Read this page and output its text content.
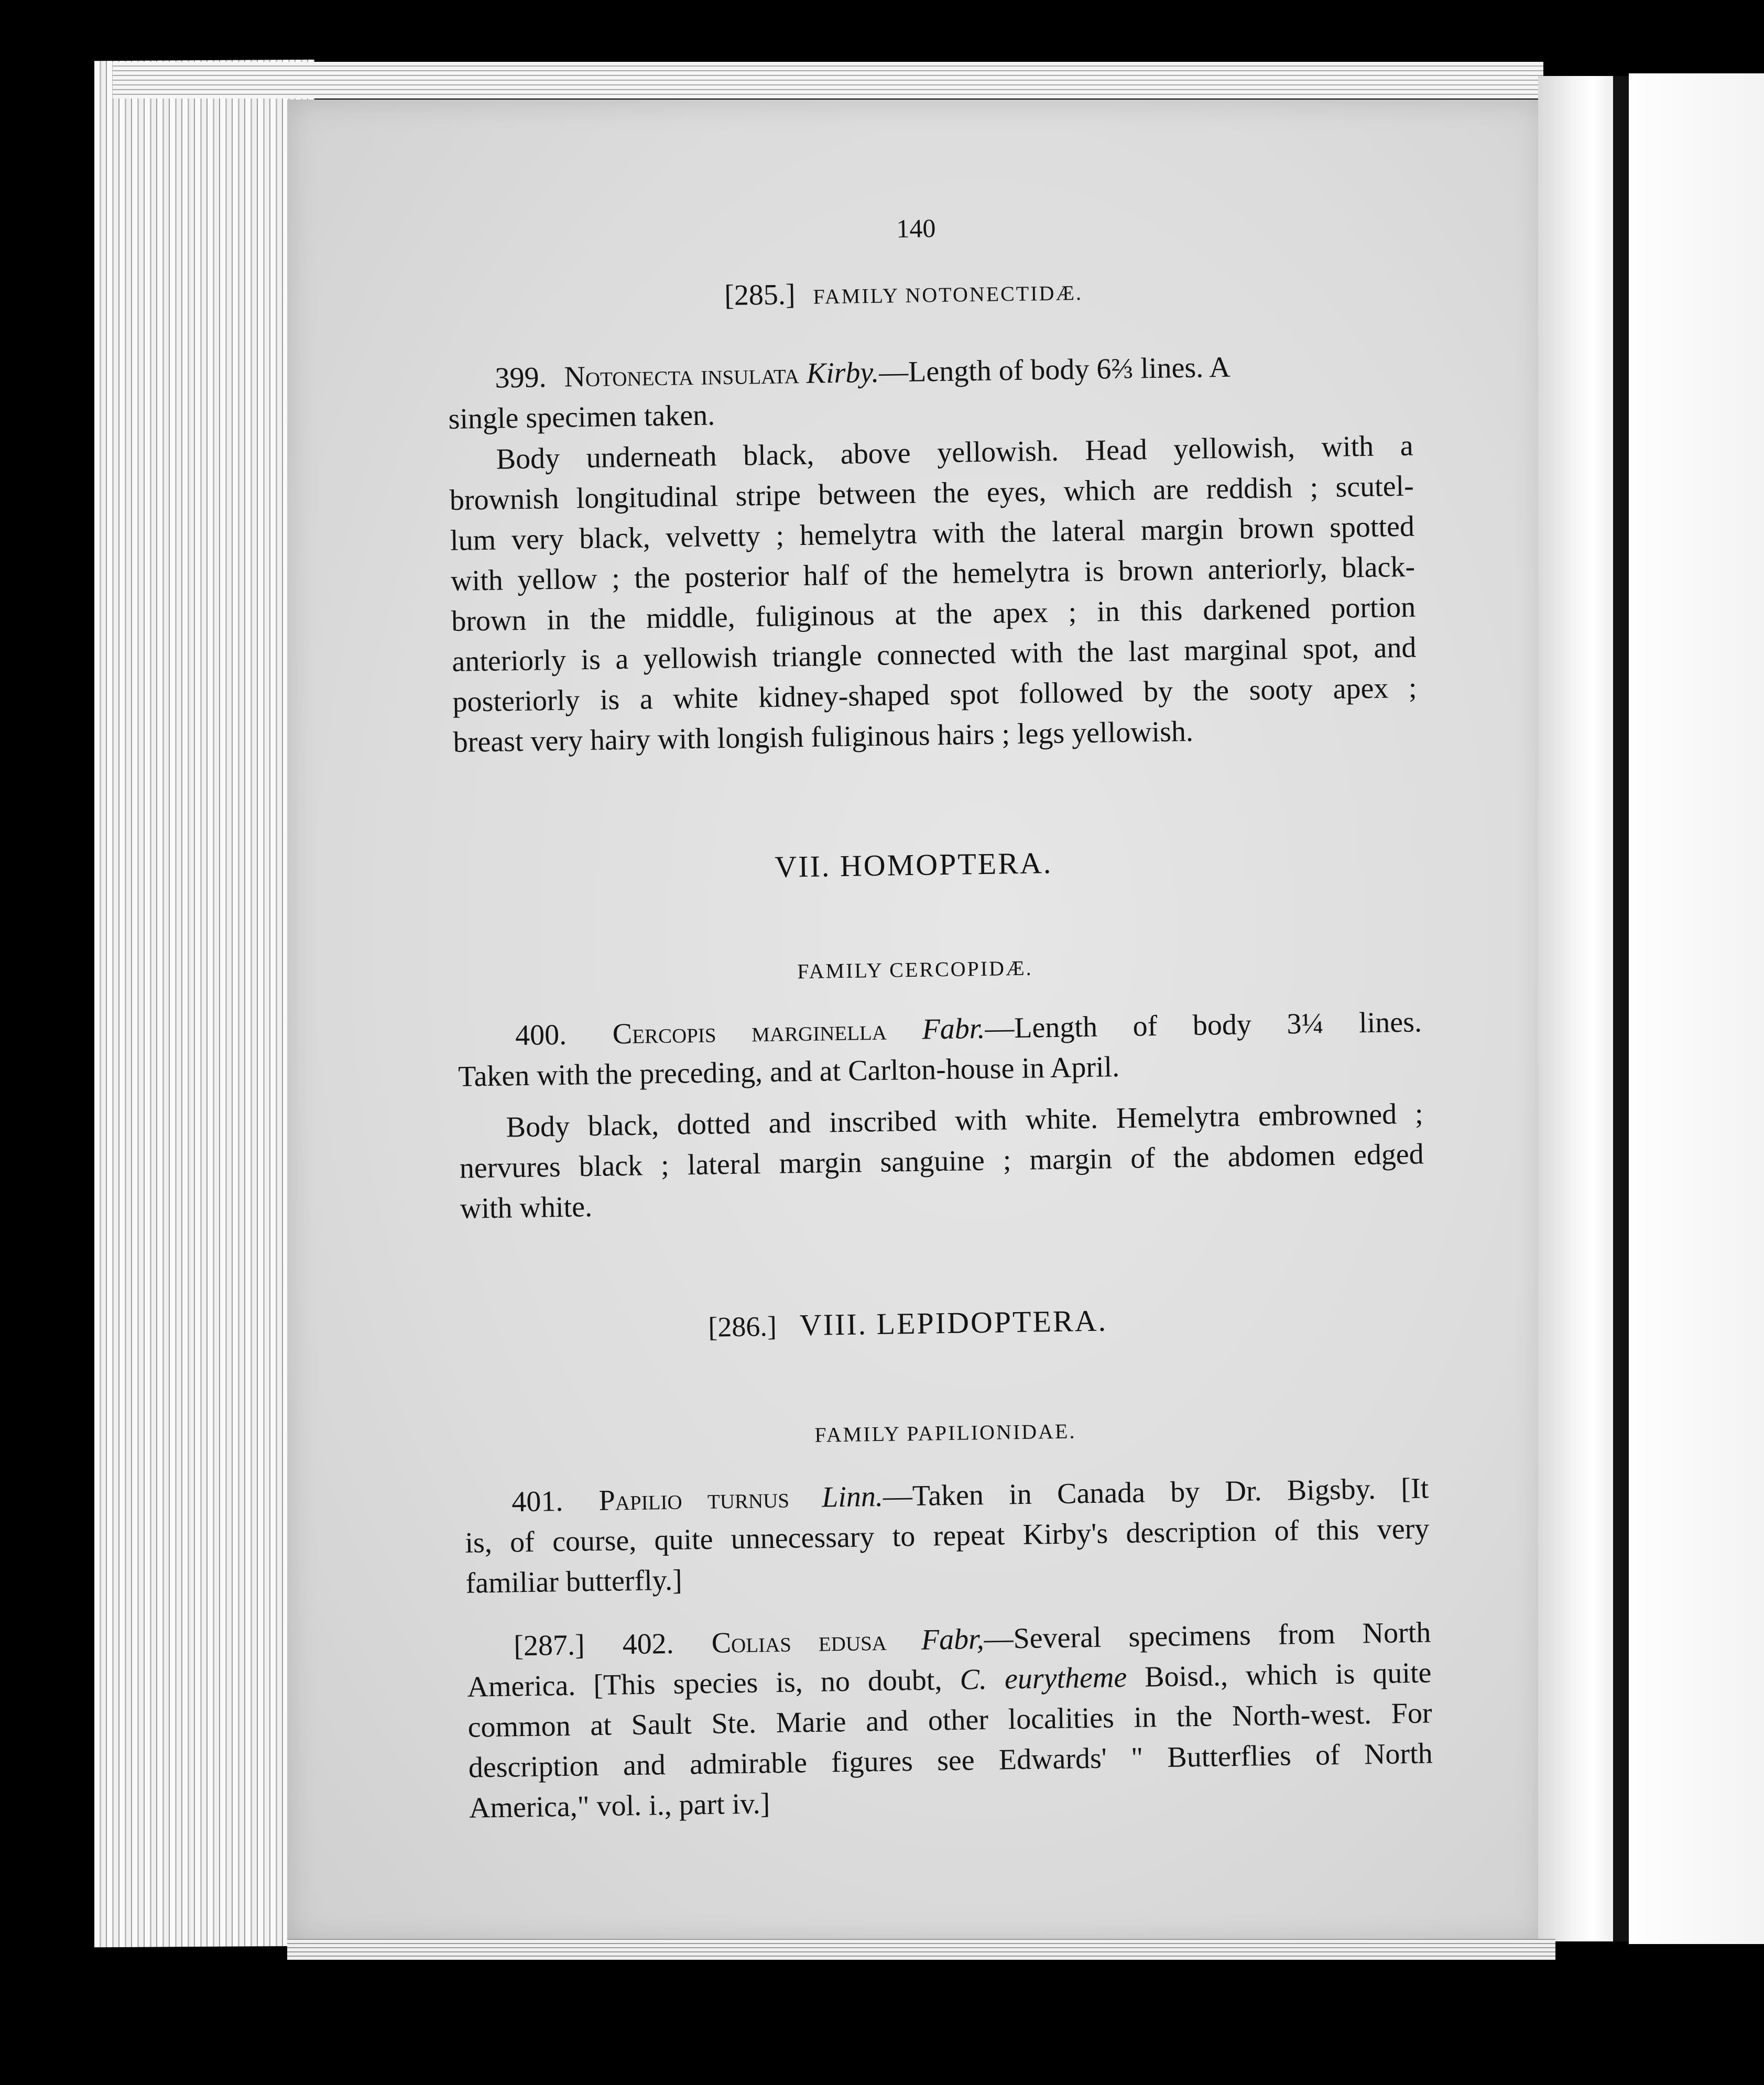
140
[285.] FAMILY NOTONECTIDÆ.
399. Notonecta insulata Kirby.—Length of body 6⅔ lines. A
single specimen taken.
Body underneath black, above yellowish. Head yellowish, with a
brownish longitudinal stripe between the eyes, which are reddish ; scutel-
lum very black, velvetty ; hemelytra with the lateral margin brown spotted
with yellow ; the posterior half of the hemelytra is brown anteriorly, black-
brown in the middle, fuliginous at the apex ; in this darkened portion
anteriorly is a yellowish triangle connected with the last marginal spot, and
posteriorly is a white kidney-shaped spot followed by the sooty apex ;
breast very hairy with longish fuliginous hairs ; legs yellowish.
VII. HOMOPTERA.
FAMILY CERCOPIDÆ.
400. Cercopis marginella Fabr.—Length of body 3¼ lines.
Taken with the preceding, and at Carlton-house in April.
Body black, dotted and inscribed with white. Hemelytra embrowned ;
nervures black ; lateral margin sanguine ; margin of the abdomen edged
with white.
[286.] VIII. LEPIDOPTERA.
FAMILY PAPILIONIDAE.
401. Papilio turnus Linn.—Taken in Canada by Dr. Bigsby. [It
is, of course, quite unnecessary to repeat Kirby's description of this very
familiar butterfly.]
[287.] 402. Colias edusa Fabr,—Several specimens from North
America. [This species is, no doubt, C. eurytheme Boisd., which is quite
common at Sault Ste. Marie and other localities in the North-west. For
description and admirable figures see Edwards' " Butterflies of North
America," vol. i., part iv.]
